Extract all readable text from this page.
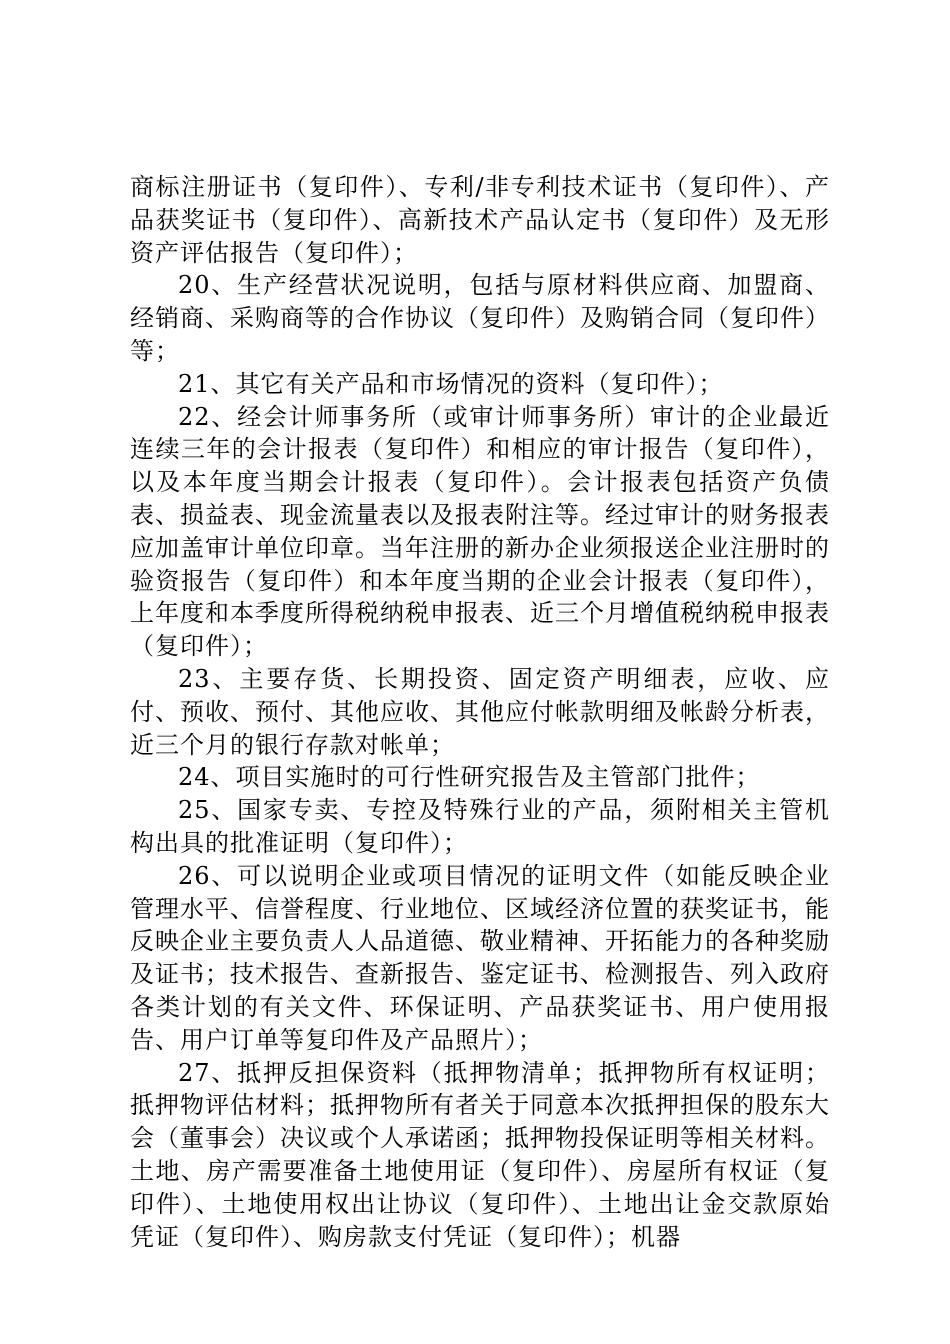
商标注册证书（复印件）、专利/非专利技术证书（复印件）、产品获奖证书（复印件）、高新技术产品认定书（复印件）及无形资产评估报告（复印件）；

20、生产经营状况说明，包括与原材料供应商、加盟商、经销商、采购商等的合作协议（复印件）及购销合同（复印件）等；

21、其它有关产品和市场情况的资料（复印件）；

22、经会计师事务所（或审计师事务所）审计的企业最近连续三年的会计报表（复印件）和相应的审计报告（复印件），以及本年度当期会计报表（复印件）。会计报表包括资产负债表、损益表、现金流量表以及报表附注等。经过审计的财务报表应加盖审计单位印章。当年注册的新办企业须报送企业注册时的验资报告（复印件）和本年度当期的企业会计报表（复印件），上年度和本季度所得税纳税申报表、近三个月增值税纳税申报表（复印件）；

23、主要存货、长期投资、固定资产明细表，应收、应付、预收、预付、其他应收、其他应付帐款明细及帐龄分析表，近三个月的银行存款对帐单；

24、项目实施时的可行性研究报告及主管部门批件；

25、国家专卖、专控及特殊行业的产品，须附相关主管机构出具的批准证明（复印件）；

26、可以说明企业或项目情况的证明文件（如能反映企业管理水平、信誉程度、行业地位、区域经济位置的获奖证书，能反映企业主要负责人人品道德、敬业精神、开拓能力的各种奖励及证书；技术报告、查新报告、鉴定证书、检测报告、列入政府各类计划的有关文件、环保证明、产品获奖证书、用户使用报告、用户订单等复印件及产品照片）；

27、抵押反担保资料（抵押物清单；抵押物所有权证明；抵押物评估材料；抵押物所有者关于同意本次抵押担保的股东大会（董事会）决议或个人承诺函；抵押物投保证明等相关材料。土地、房产需要准备土地使用证（复印件）、房屋所有权证（复印件）、土地使用权出让协议（复印件）、土地出让金交款原始凭证（复印件）、购房款支付凭证（复印件）；机器
